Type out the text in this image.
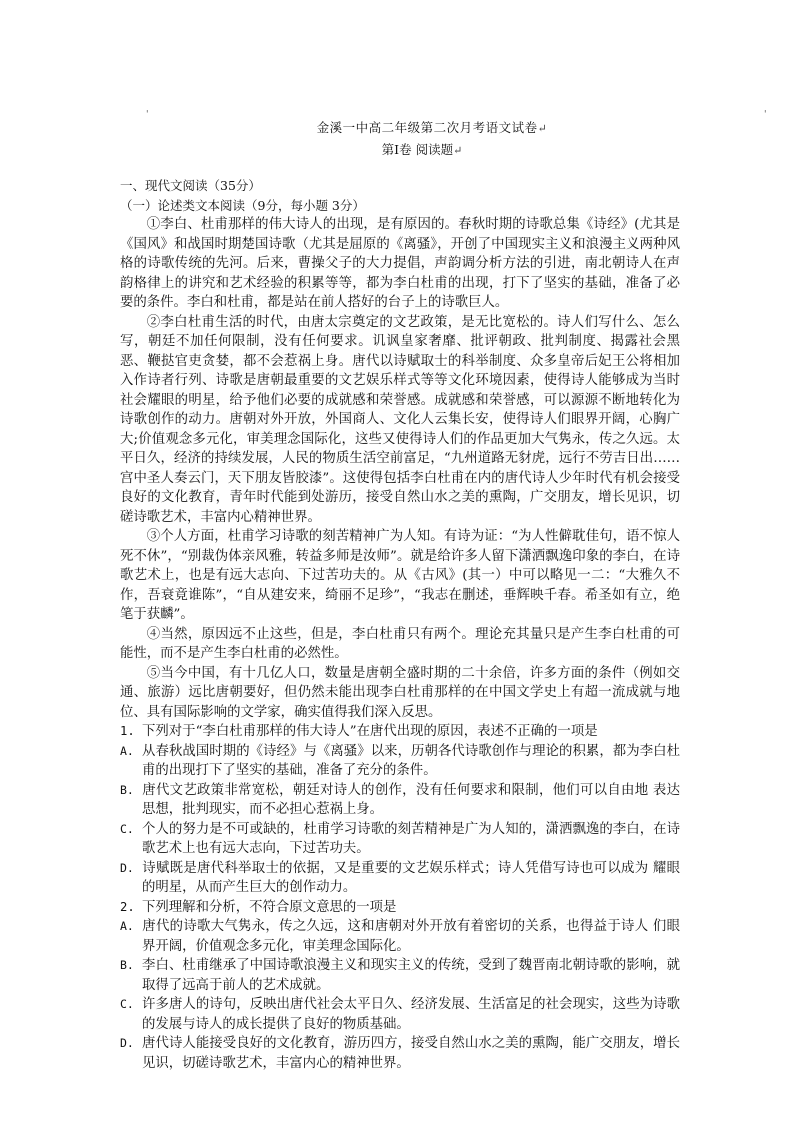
'	'
金溪一中高二年级第二次月考语文试卷↵
第Ⅰ卷 阅读题↵

一、现代文阅读（35分）

（一）论述类文本阅读（9分，每小题 3分）

①李白、杜甫那样的伟大诗人的出现，是有原因的。春秋时期的诗歌总集《诗经》(尤其是《国风》和战国时期楚国诗歌（尤其是屈原的《离骚》，开创了中国现实主义和浪漫主义两种风格的诗歌传统的先河。后来，曹操父子的大力提倡，声韵调分析方法的引进，南北朝诗人在声韵格律上的讲究和艺术经验的积累等等，都为李白杜甫的出现，打下了坚实的基础，准备了必要的条件。李白和杜甫，都是站在前人搭好的台子上的诗歌巨人。

②李白杜甫生活的时代，由唐太宗奠定的文艺政策，是无比宽松的。诗人们写什么、怎么写，朝廷不加任何限制，没有任何要求。讥讽皇家奢靡、批评朝政、批判制度、揭露社会黑恶、鞭挞官吏贪婪，都不会惹祸上身。唐代以诗赋取士的科举制度、众多皇帝后妃王公将相加入作诗者行列、诗歌是唐朝最重要的文艺娱乐样式等等文化环境因素，使得诗人能够成为当时社会耀眼的明星，给予他们必要的成就感和荣誉感。成就感和荣誉感，可以源源不断地转化为诗歌创作的动力。唐朝对外开放，外国商人、文化人云集长安，使得诗人们眼界开阔，心胸广大;价值观念多元化，审美理念国际化，这些又使得诗人们的作品更加大气隽永，传之久远。太平日久，经济的持续发展，人民的物质生活空前富足，“九州道路无豺虎，远行不劳吉日出……宫中圣人奏云门，天下朋友皆胶漆”。这使得包括李白杜甫在内的唐代诗人少年时代有机会接受良好的文化教育，青年时代能到处游历，接受自然山水之美的熏陶，广交朋友，增长见识，切磋诗歌艺术，丰富内心精神世界。

③个人方面，杜甫学习诗歌的刻苦精神广为人知。有诗为证：“为人性僻耽佳句，语不惊人死不休”，“别裁伪体亲风雅，转益多师是汝师”。就是给许多人留下潇洒飘逸印象的李白，在诗歌艺术上，也是有远大志向、下过苦功夫的。从《古风》(其一）中可以略见一二：“大雅久不作，吾衰竟谁陈”，“自从建安来，绮丽不足珍”，“我志在删述，垂辉映千春。希圣如有立，绝笔于获麟”。

④当然，原因远不止这些，但是，李白杜甫只有两个。理论充其量只是产生李白杜甫的可能性，而不是产生李白杜甫的必然性。

⑤当今中国，有十几亿人口，数量是唐朝全盛时期的二十余倍，许多方面的条件（例如交通、旅游）远比唐朝要好，但仍然未能出现李白杜甫那样的在中国文学史上有超一流成就与地位、具有国际影响的文学家，确实值得我们深入反思。

1. 下列对于“李白杜甫那样的伟大诗人”在唐代出现的原因，表述不正确的一项是

A. 从春秋战国时期的《诗经》与《离骚》以来，历朝各代诗歌创作与理论的积累，都为李白杜甫的出现打下了坚实的基础，准备了充分的条件。

B. 唐代文艺政策非常宽松，朝廷对诗人的创作，没有任何要求和限制，他们可以自由地 表达思想，批判现实，而不必担心惹祸上身。

C. 个人的努力是不可或缺的，杜甫学习诗歌的刻苦精神是广为人知的，潇洒飘逸的李白，在诗歌艺术上也有远大志向，下过苦功夫。

D. 诗赋既是唐代科举取士的依据，又是重要的文艺娱乐样式；诗人凭借写诗也可以成为 耀眼的明星，从而产生巨大的创作动力。

2. 下列理解和分析，不符合原文意思的一项是

A. 唐代的诗歌大气隽永，传之久远，这和唐朝对外开放有着密切的关系，也得益于诗人 们眼界开阔，价值观念多元化，审美理念国际化。

B. 李白、杜甫继承了中国诗歌浪漫主义和现实主义的传统，受到了魏晋南北朝诗歌的影响，就取得了远高于前人的艺术成就。

C. 许多唐人的诗句，反映出唐代社会太平日久、经济发展、生活富足的社会现实，这些为诗歌的发展与诗人的成长提供了良好的物质基础。

D. 唐代诗人能接受良好的文化教育，游历四方，接受自然山水之美的熏陶，能广交朋友，增长见识，切磋诗歌艺术，丰富内心的精神世界。
